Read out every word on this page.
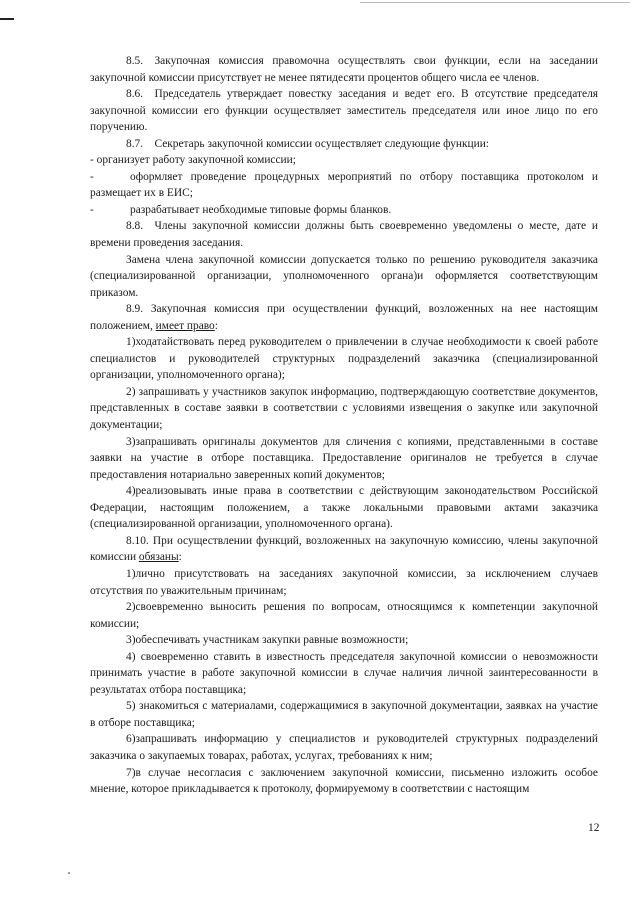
8.5. Закупочная комиссия правомочна осуществлять свои функции, если на заседании закупочной комиссии присутствует не менее пятидесяти процентов общего числа ее членов.

8.6. Председатель утверждает повестку заседания и ведет его. В отсутствие председателя закупочной комиссии его функции осуществляет заместитель председателя или иное лицо по его поручению.

8.7. Секретарь закупочной комиссии осуществляет следующие функции:

- организует работу закупочной комиссии;

-	оформляет проведение процедурных мероприятий по отбору поставщика протоколом и размещает их в ЕИС;

-	разрабатывает необходимые типовые формы бланков.

8.8. Члены закупочной комиссии должны быть своевременно уведомлены о месте, дате и времени проведения заседания.

Замена члена закупочной комиссии допускается только по решению руководителя заказчика (специализированной организации, уполномоченного органа)и оформляется соответствующим приказом.

8.9. Закупочная комиссия при осуществлении функций, возложенных на нее настоящим положением, имеет право:

1)ходатайствовать перед руководителем о привлечении в случае необходимости к своей работе специалистов и руководителей структурных подразделений заказчика (специализированной организации, уполномоченного органа);

2) запрашивать у участников закупок информацию, подтверждающую соответствие документов, представленных в составе заявки в соответствии с условиями извещения о закупке или закупочной документации;

3)запрашивать оригиналы документов для сличения с копиями, представленными в составе заявки на участие в отборе поставщика. Предоставление оригиналов не требуется в случае предоставления нотариально заверенных копий документов;

4)реализовывать иные права в соответствии с действующим законодательством Российской Федерации, настоящим положением, а также локальными правовыми актами заказчика (специализированной организации, уполномоченного органа).

8.10. При осуществлении функций, возложенных на закупочную комиссию, члены закупочной комиссии обязаны:

1)лично присутствовать на заседаниях закупочной комиссии, за исключением случаев отсутствия по уважительным причинам;

2)своевременно выносить решения по вопросам, относящимся к компетенции закупочной комиссии;

3)обеспечивать участникам закупки равные возможности;

4) своевременно ставить в известность председателя закупочной комиссии о невозможности принимать участие в работе закупочной комиссии в случае наличия личной заинтересованности в результатах отбора поставщика;

5) знакомиться с материалами, содержащимися в закупочной документации, заявках на участие в отборе поставщика;

6)запрашивать информацию у специалистов и руководителей структурных подразделений заказчика о закупаемых товарах, работах, услугах, требованиях к ним;

7)в случае несогласия с заключением закупочной комиссии, письменно изложить особое мнение, которое прикладывается к протоколу, формируемому в соответствии с настоящим

12
